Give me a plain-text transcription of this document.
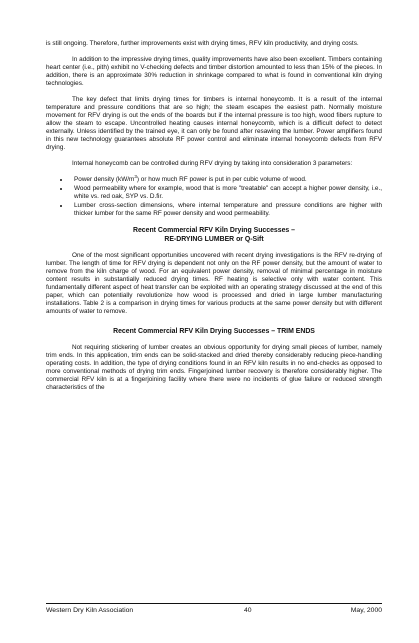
is still ongoing. Therefore, further improvements exist with drying times, RFV kiln productivity, and drying costs.

In addition to the impressive drying times, quality improvements have also been excellent. Timbers containing heart center (i.e., pith) exhibit no V-checking defects and timber distortion amounted to less than 15% of the pieces. In addition, there is an approximate 30% reduction in shrinkage compared to what is found in conventional kiln drying technologies.

The key defect that limits drying times for timbers is internal honeycomb. It is a result of the internal temperature and pressure conditions that are so high; the steam escapes the easiest path. Normally moisture movement for RFV drying is out the ends of the boards but if the internal pressure is too high, wood fibers rupture to allow the steam to escape. Uncontrolled heating causes internal honeycomb, which is a difficult defect to detect externally. Unless identified by the trained eye, it can only be found after resawing the lumber. Power amplifiers found in this new technology guarantees absolute RF power control and eliminate internal honeycomb defects from RFV drying.

Internal honeycomb can be controlled during RFV drying by taking into consideration 3 parameters:

• Power density $(kW/m^3)$ or how much RF power is put in per cubic volume of wood.
• Wood permeability where for example, wood that is more "treatable" can accept a higher power density, i.e., white vs. red oak, SYP vs. D.fir.
• Lumber cross-section dimensions, where internal temperature and pressure conditions are higher with thicker lumber for the same RF power density and wood permeability.
Recent Commercial RFV Kiln Drying Successes –
RE-DRYING LUMBER or Q-Sift

One of the most significant opportunities uncovered with recent drying investigations is the RFV re-drying of lumber. The length of time for RFV drying is dependent not only on the RF power density, but the amount of water to remove from the kiln charge of wood. For an equivalent power density, removal of minimal percentage in moisture content results in substantially reduced drying times. RF heating is selective only with water content. This fundamentally different aspect of heat transfer can be exploited with an operating strategy discussed at the end of this paper, which can potentially revolutionize how wood is processed and dried in large lumber manufacturing installations. Table 2 is a comparison in drying times for various products at the same power density but with different amounts of water to remove.

Recent Commercial RFV Kiln Drying Successes – TRIM ENDS

Not requiring stickering of lumber creates an obvious opportunity for drying small pieces of lumber, namely trim ends. In this application, trim ends can be solid-stacked and dried thereby considerably reducing piece-handling operating costs. In addition, the type of drying conditions found in an RFV kiln results in no end-checks as opposed to more conventional methods of drying trim ends. Fingerjoined lumber recovery is therefore considerably higher. The commercial RFV kiln is at a fingerjoining facility where there were no incidents of glue failure or reduced strength characteristics of the

Western Dry Kiln Association	40	May, 2000
